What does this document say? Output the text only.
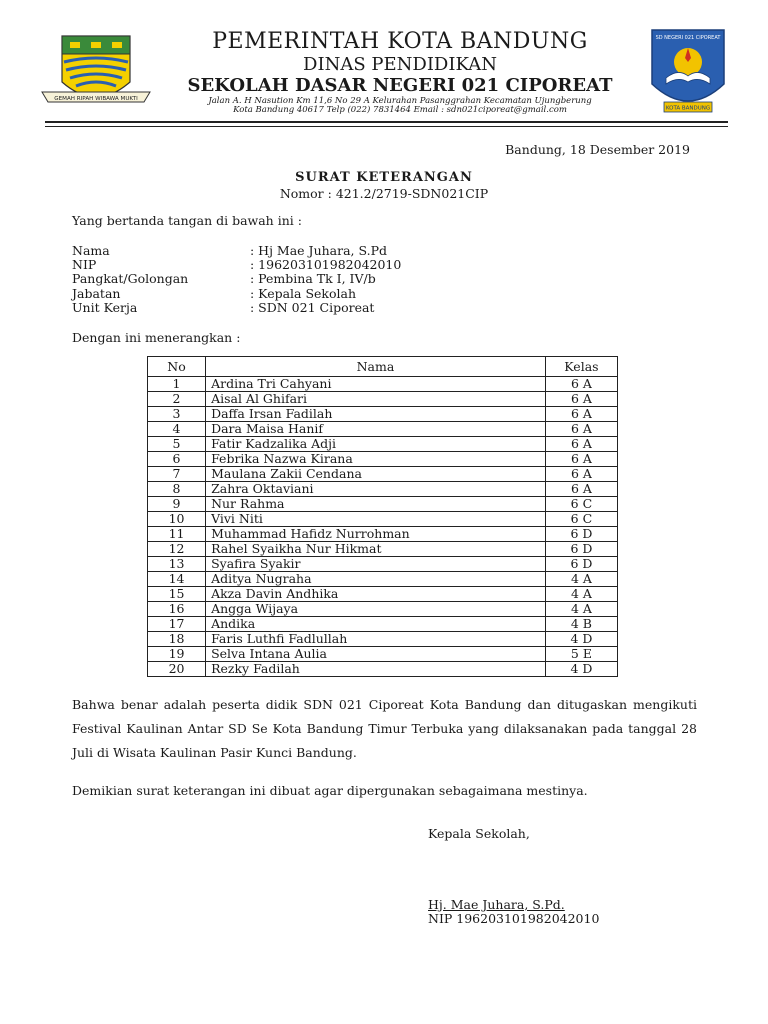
GEMAH RIPAH WIBAWA MUKTI
SD NEGERI 021 CIPOREAT
KOTA BANDUNG
PEMERINTAH KOTA BANDUNG
DINAS PENDIDIKAN
SEKOLAH DASAR NEGERI 021 CIPOREAT
Jalan A. H Nasution Km 11,6 No 29 A Kelurahan Pasanggrahan Kecamatan Ujungberung
Kota Bandung 40617 Telp (022) 7831464 Email : sdn021ciporeat@gmail.com
Bandung, 18 Desember 2019
SURAT KETERANGAN
Nomor : 421.2/2719-SDN021CIP
Yang bertanda tangan di bawah ini :
Nama	: Hj Mae Juhara, S.Pd
NIP	: 196203101982042010
Pangkat/Golongan	: Pembina Tk I, IV/b
Jabatan	: Kepala Sekolah
Unit Kerja	: SDN 021 Ciporeat
Dengan ini menerangkan :
No	Nama	Kelas
1	Ardina Tri Cahyani	6 A
2	Aisal Al Ghifari	6 A
3	Daffa Irsan Fadilah	6 A
4	Dara Maisa Hanif	6 A
5	Fatir Kadzalika Adji	6 A
6	Febrika Nazwa Kirana	6 A
7	Maulana Zakii Cendana	6 A
8	Zahra Oktaviani	6 A
9	Nur Rahma	6 C
10	Vivi Niti	6 C
11	Muhammad Hafidz Nurrohman	6 D
12	Rahel Syaikha Nur Hikmat	6 D
13	Syafira Syakir	6 D
14	Aditya Nugraha	4 A
15	Akza Davin Andhika	4 A
16	Angga Wijaya	4 A
17	Andika	4 B
18	Faris Luthfi Fadlullah	4 D
19	Selva Intana Aulia	5 E
20	Rezky Fadilah	4 D
Bahwa benar adalah peserta didik SDN 021 Ciporeat Kota Bandung dan ditugaskan mengikuti Festival Kaulinan Antar SD Se Kota Bandung Timur Terbuka yang dilaksanakan pada tanggal 28 Juli di Wisata Kaulinan Pasir Kunci Bandung.
Demikian surat keterangan ini dibuat agar dipergunakan sebagaimana mestinya.
Kepala Sekolah,
Hj. Mae Juhara, S.Pd.
NIP 196203101982042010
